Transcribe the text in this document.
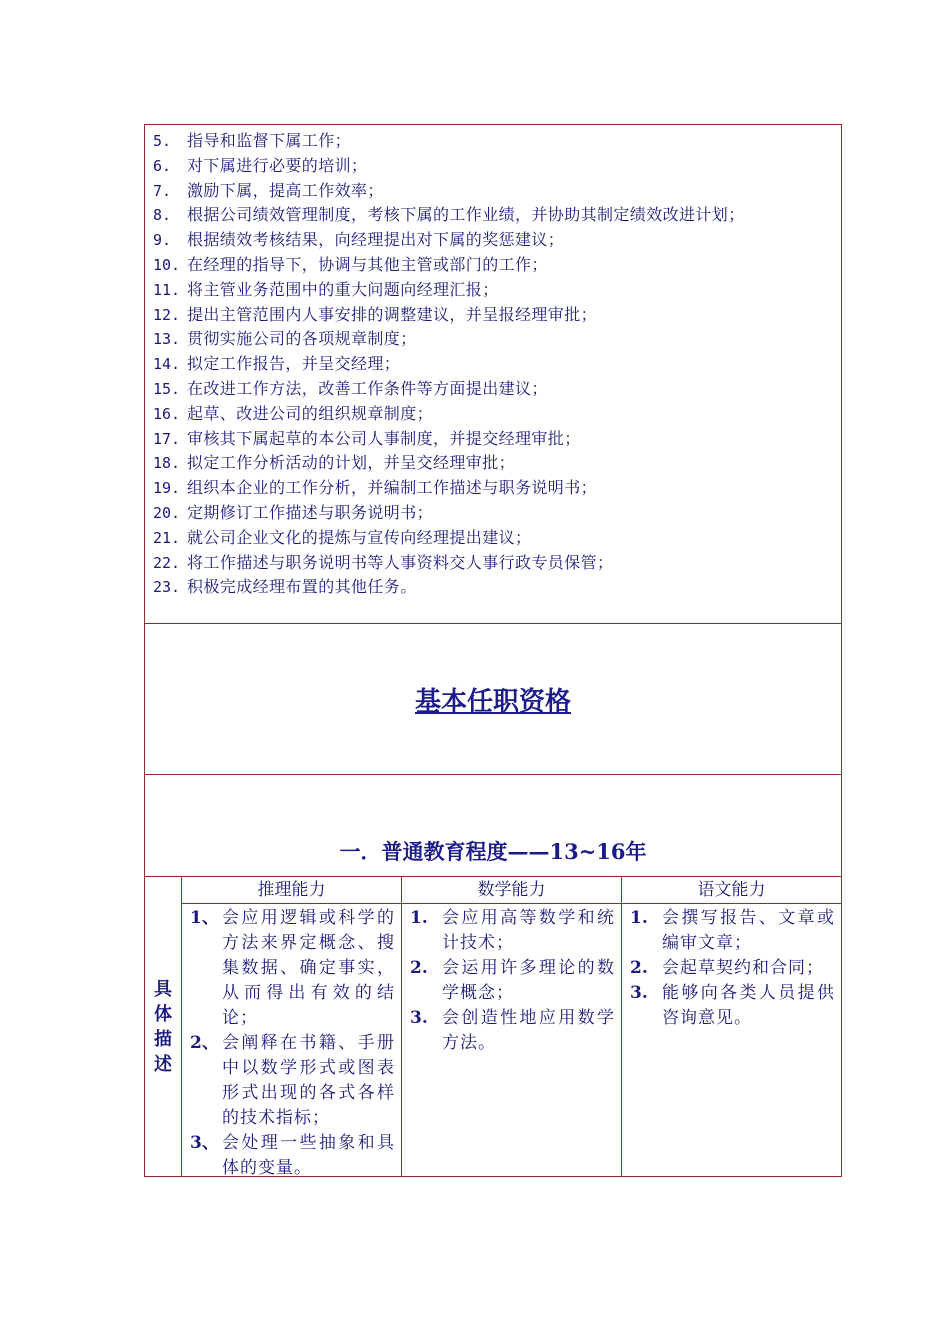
5. 指导和监督下属工作；
6. 对下属进行必要的培训；
7. 激励下属，提高工作效率；
8. 根据公司绩效管理制度，考核下属的工作业绩，并协助其制定绩效改进计划；
9. 根据绩效考核结果，向经理提出对下属的奖惩建议；
10. 在经理的指导下，协调与其他主管或部门的工作；
11. 将主管业务范围中的重大问题向经理汇报；
12. 提出主管范围内人事安排的调整建议，并呈报经理审批；
13. 贯彻实施公司的各项规章制度；
14. 拟定工作报告，并呈交经理；
15. 在改进工作方法，改善工作条件等方面提出建议；
16. 起草、改进公司的组织规章制度；
17. 审核其下属起草的本公司人事制度，并提交经理审批；
18. 拟定工作分析活动的计划，并呈交经理审批；
19. 组织本企业的工作分析，并编制工作描述与职务说明书；
20. 定期修订工作描述与职务说明书；
21. 就公司企业文化的提炼与宣传向经理提出建议；
22. 将工作描述与职务说明书等人事资料交人事行政专员保管；
23. 积极完成经理布置的其他任务。
基本任职资格
一．普通教育程度——13~16年
具体描述
推理能力
1、 会应用逻辑或科学的方法来界定概念、搜集数据、确定事实，从而得出有效的结论；
2、 会阐释在书籍、手册中以数学形式或图表形式出现的各式各样的技术指标；
3、 会处理一些抽象和具体的变量。
数学能力
1. 会应用高等数学和统计技术；
2. 会运用许多理论的数学概念；
3. 会创造性地应用数学方法。
语文能力
1. 会撰写报告、文章或编审文章；
2. 会起草契约和合同；
3. 能够向各类人员提供咨询意见。
